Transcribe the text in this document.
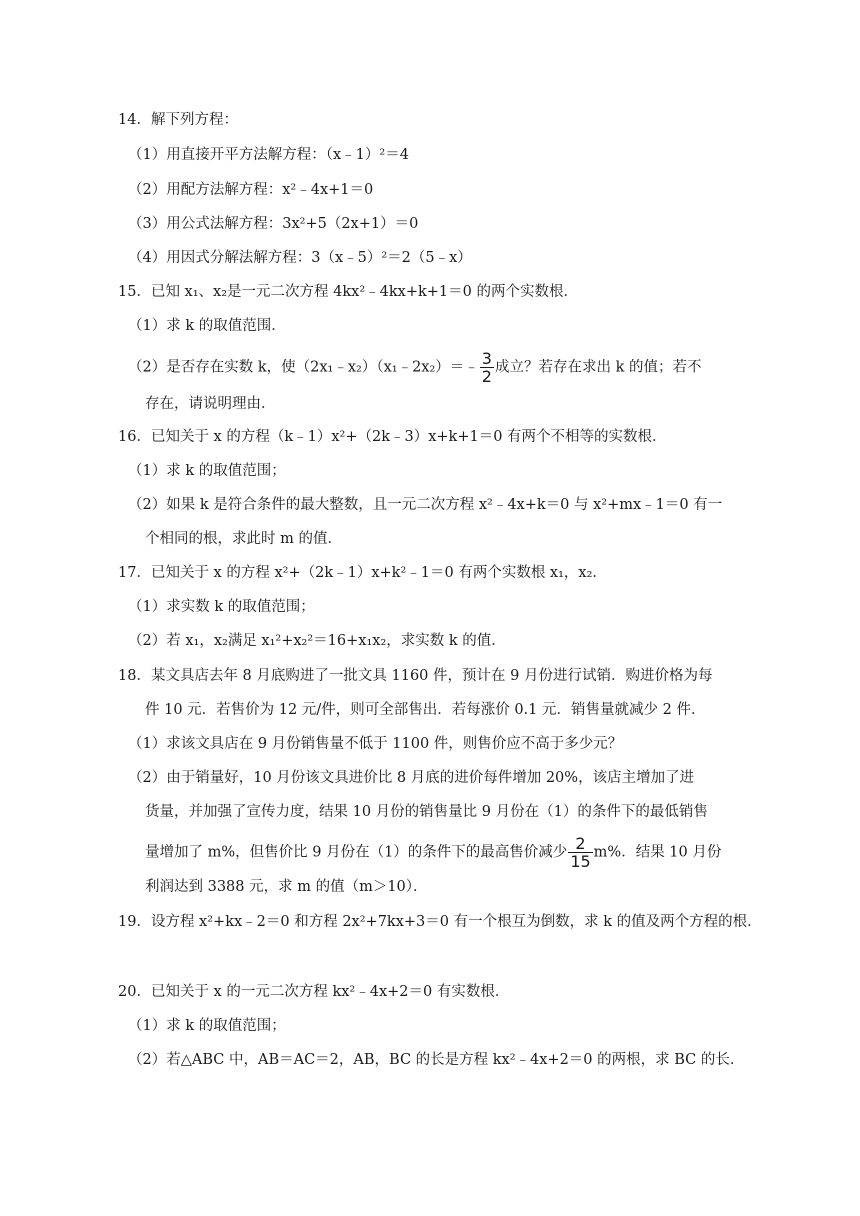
14．解下列方程：
（1）用直接开平方法解方程：（x﹣1）²＝4
（2）用配方法解方程：x²﹣4x+1＝0
（3）用公式法解方程：3x²+5（2x+1）＝0
（4）用因式分解法解方程：3（x﹣5）²＝2（5﹣x）
15．已知 x₁、x₂是一元二次方程 4kx²﹣4kx+k+1＝0 的两个实数根．
（1）求 k 的取值范围．
（2）是否存在实数 k，使（2x₁﹣x₂）（x₁﹣2x₂）＝﹣ $\frac{3}{2}$ 成立？若存在求出 k 的值；若不
存在，请说明理由．
16．已知关于 x 的方程（k﹣1）x²+（2k﹣3）x+k+1＝0 有两个不相等的实数根．
（1）求 k 的取值范围；
（2）如果 k 是符合条件的最大整数，且一元二次方程 x²﹣4x+k＝0 与 x²+mx﹣1＝0 有一
个相同的根，求此时 m 的值．
17．已知关于 x 的方程 x²+（2k﹣1）x+k²﹣1＝0 有两个实数根 x₁，x₂．
（1）求实数 k 的取值范围；
（2）若 x₁，x₂满足 x₁²+x₂²＝16+x₁x₂，求实数 k 的值．
18．某文具店去年 8 月底购进了一批文具 1160 件，预计在 9 月份进行试销．购进价格为每
件 10 元．若售价为 12 元/件，则可全部售出．若每涨价 0.1 元．销售量就减少 2 件．
（1）求该文具店在 9 月份销售量不低于 1100 件，则售价应不高于多少元？
（2）由于销量好，10 月份该文具进价比 8 月底的进价每件增加 20%，该店主增加了进
货量，并加强了宣传力度，结果 10 月份的销售量比 9 月份在（1）的条件下的最低销售
量增加了 m%，但售价比 9 月份在（1）的条件下的最高售价减少 $\frac{2}{15} m\%$．结果 10 月份
利润达到 3388 元，求 m 的值（m＞10）．
19．设方程 x²+kx﹣2＝0 和方程 2x²+7kx+3＝0 有一个根互为倒数，求 k 的值及两个方程的根．
20．已知关于 x 的一元二次方程 kx²﹣4x+2＝0 有实数根．
（1）求 k 的取值范围；
（2）若△ABC 中，AB＝AC＝2，AB，BC 的长是方程 kx²﹣4x+2＝0 的两根，求 BC 的长．
